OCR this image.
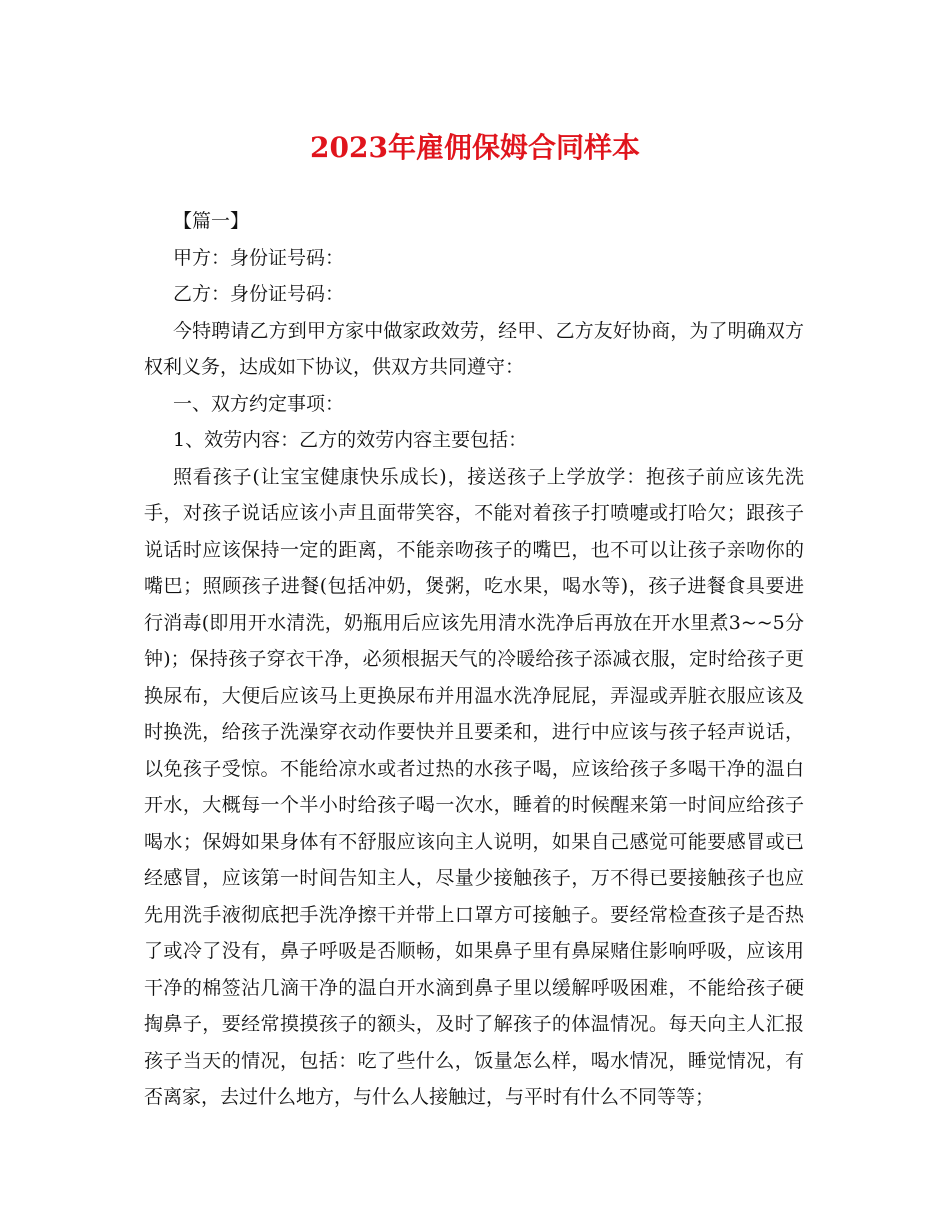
2023年雇佣保姆合同样本

【篇一】

甲方：身份证号码：

乙方：身份证号码：

今特聘请乙方到甲方家中做家政效劳，经甲、乙方友好协商，为了明确双方权利义务，达成如下协议，供双方共同遵守：

一、双方约定事项：

1、效劳内容：乙方的效劳内容主要包括：

照看孩子(让宝宝健康快乐成长)，接送孩子上学放学：抱孩子前应该先洗手，对孩子说话应该小声且面带笑容，不能对着孩子打喷嚏或打哈欠；跟孩子说话时应该保持一定的距离，不能亲吻孩子的嘴巴，也不可以让孩子亲吻你的嘴巴；照顾孩子进餐(包括冲奶，煲粥，吃水果，喝水等)，孩子进餐食具要进行消毒(即用开水清洗，奶瓶用后应该先用清水洗净后再放在开水里煮3~~5分钟)；保持孩子穿衣干净，必须根据天气的冷暖给孩子添减衣服，定时给孩子更换尿布，大便后应该马上更换尿布并用温水洗净屁屁，弄湿或弄脏衣服应该及时换洗，给孩子洗澡穿衣动作要快并且要柔和，进行中应该与孩子轻声说话，以免孩子受惊。不能给凉水或者过热的水孩子喝，应该给孩子多喝干净的温白开水，大概每一个半小时给孩子喝一次水，睡着的时候醒来第一时间应给孩子喝水；保姆如果身体有不舒服应该向主人说明，如果自己感觉可能要感冒或已经感冒，应该第一时间告知主人，尽量少接触孩子，万不得已要接触孩子也应先用洗手液彻底把手洗净擦干并带上口罩方可接触子。要经常检查孩子是否热了或冷了没有，鼻子呼吸是否顺畅，如果鼻子里有鼻屎赌住影响呼吸，应该用干净的棉签沾几滴干净的温白开水滴到鼻子里以缓解呼吸困难，不能给孩子硬掏鼻子，要经常摸摸孩子的额头，及时了解孩子的体温情况。每天向主人汇报孩子当天的情况，包括：吃了些什么，饭量怎么样，喝水情况，睡觉情况，有否离家，去过什么地方，与什么人接触过，与平时有什么不同等等；
